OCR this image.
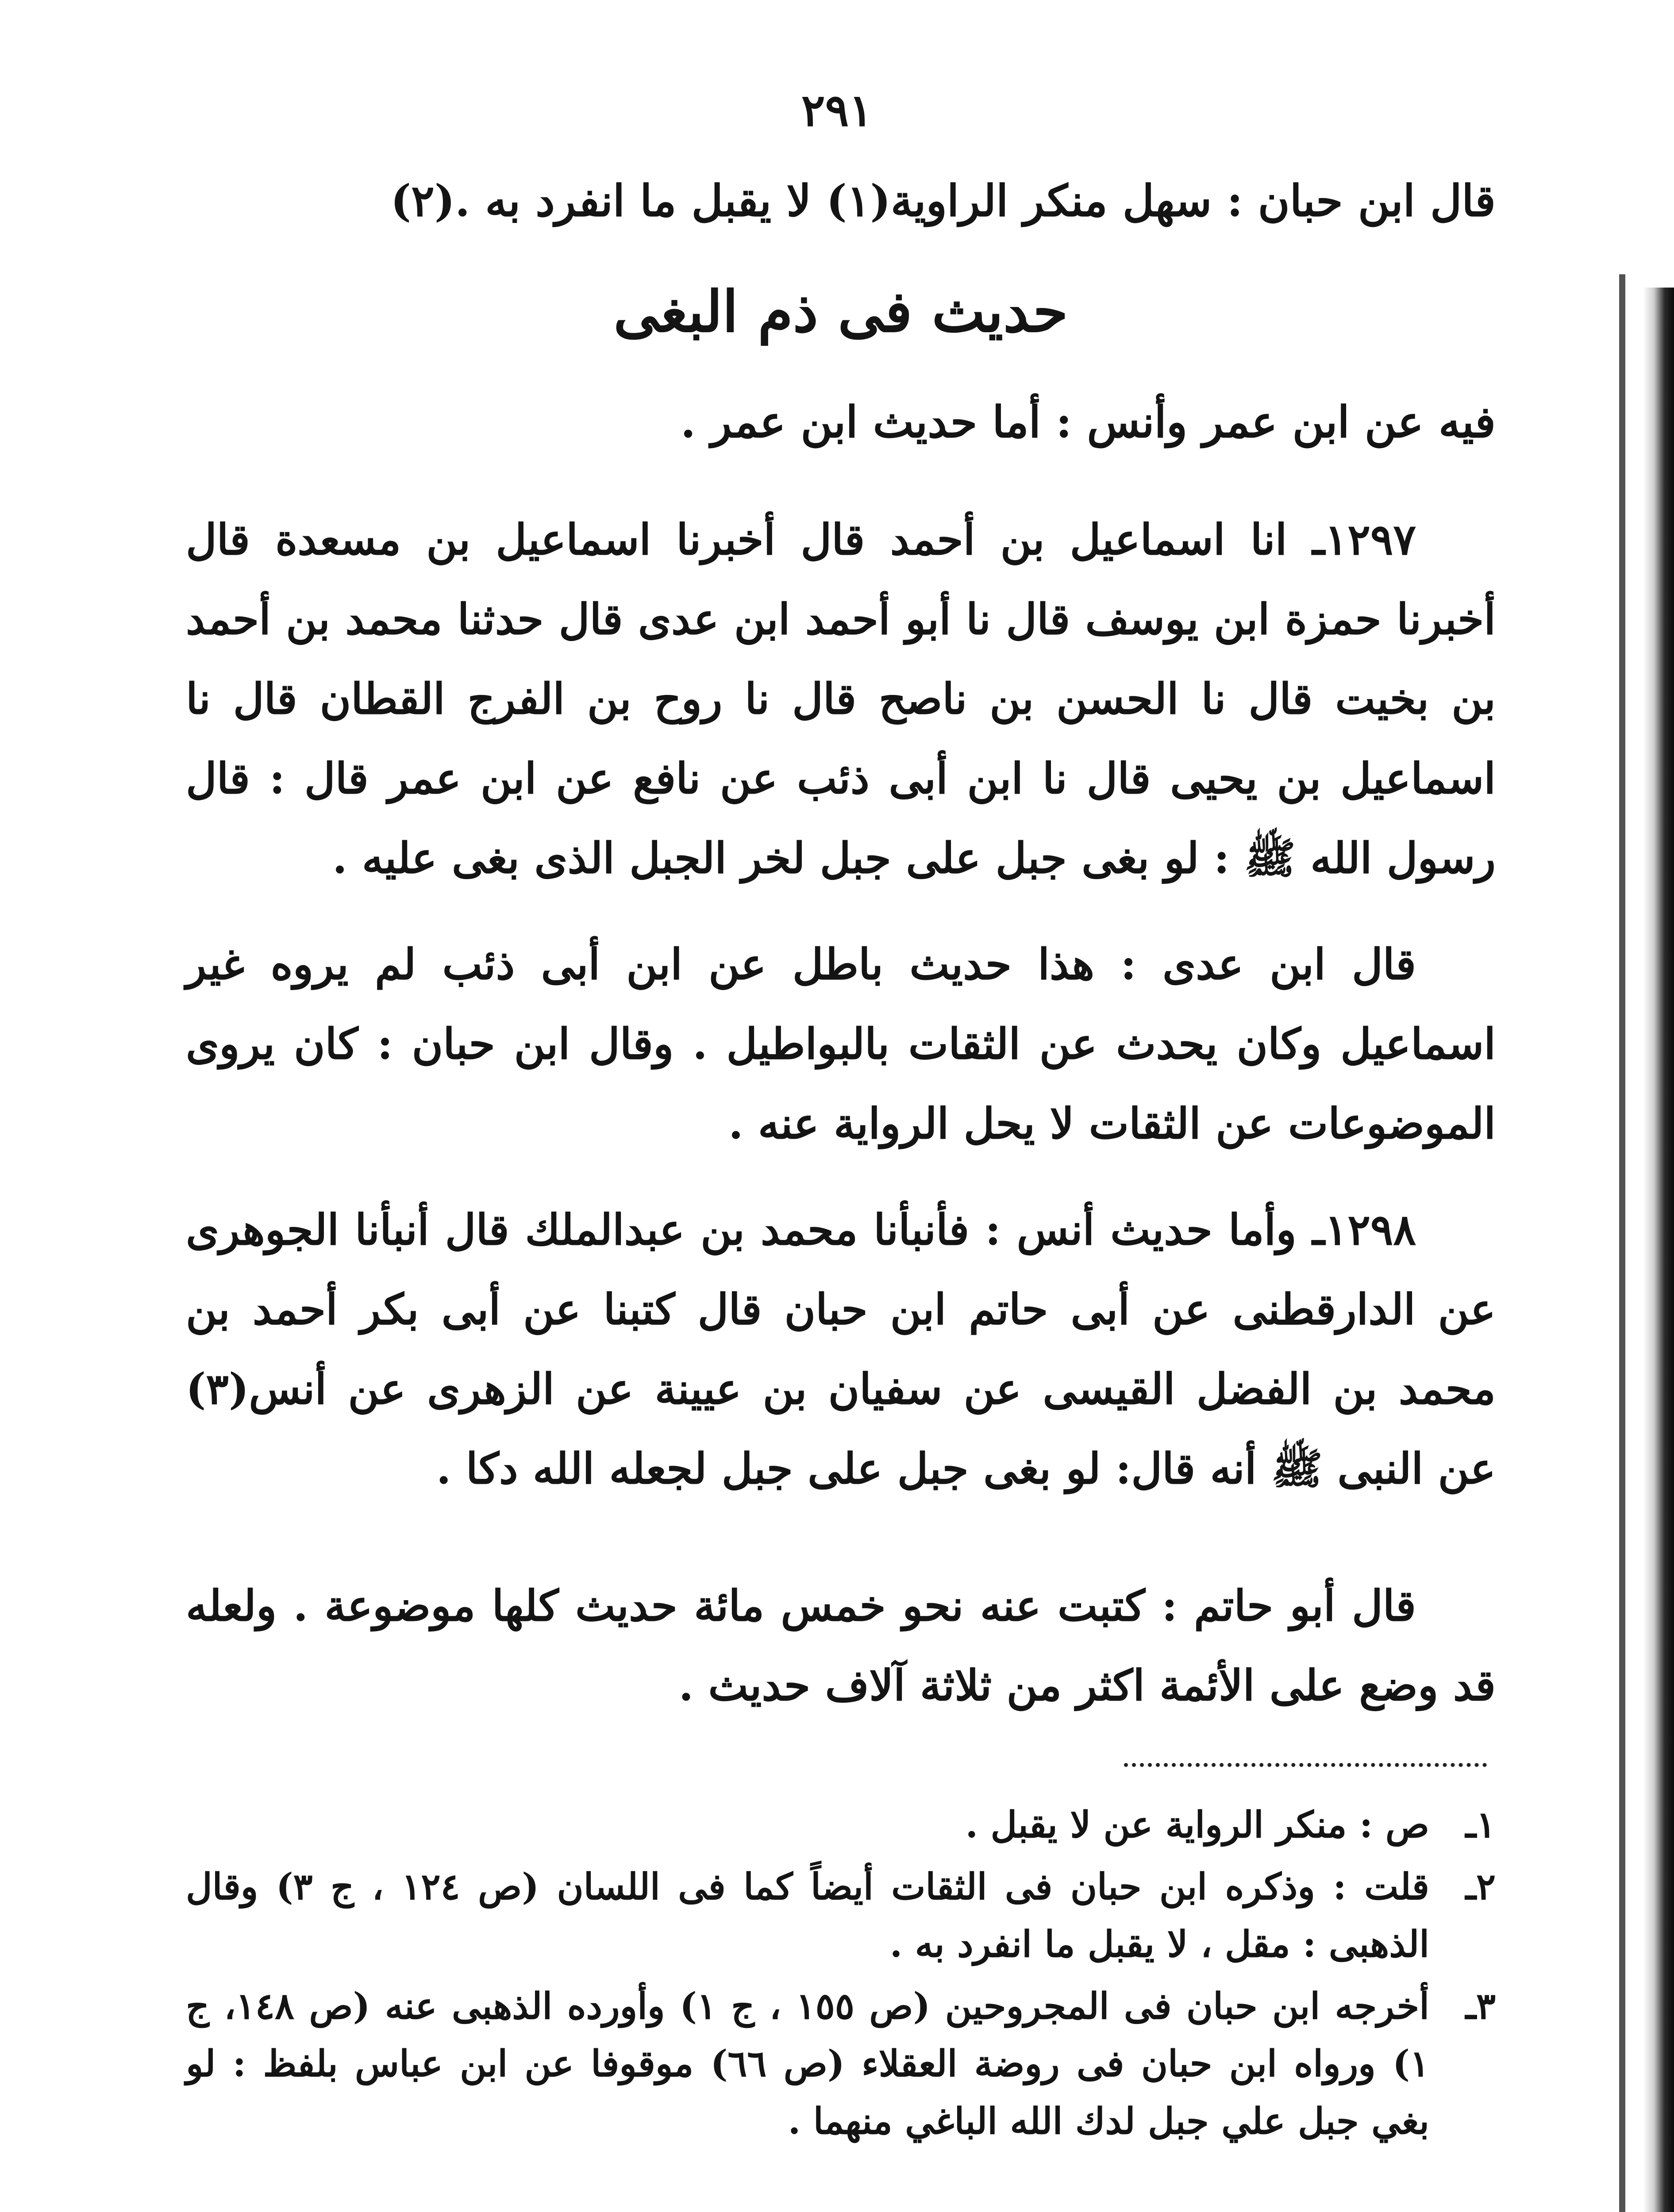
٢٩١
قال ابن حبان : سهل منكر الراوية(١) لا يقبل ما انفرد به .(٢)
حديث فى ذم البغى
فيه عن ابن عمر وأنس : أما حديث ابن عمر .
١٢٩٧ـ انا اسماعيل بن أحمد قال أخبرنا اسماعيل بن مسعدة قال أخبرنا حمزة ابن يوسف قال نا أبو أحمد ابن عدى قال حدثنا محمد بن أحمد بن بخيت قال نا الحسن بن ناصح قال نا روح بن الفرج القطان قال نا اسماعيل بن يحيى قال نا ابن أبى ذئب عن نافع عن ابن عمر قال : قال رسول الله ﷺ : لو بغى جبل على جبل لخر الجبل الذى بغى عليه .
قال ابن عدى : هذا حديث باطل عن ابن أبى ذئب لم يروه غير اسماعيل وكان يحدث عن الثقات بالبواطيل . وقال ابن حبان : كان يروى الموضوعات عن الثقات لا يحل الرواية عنه .
١٢٩٨ـ وأما حديث أنس : فأنبأنا محمد بن عبدالملك قال أنبأنا الجوهرى عن الدارقطنى عن أبى حاتم ابن حبان قال كتبنا عن أبى بكر أحمد بن محمد بن الفضل القيسى عن سفيان بن عيينة عن الزهرى عن أنس(٣) عن النبى ﷺ أنه قال: لو بغى جبل على جبل لجعله الله دكا .
قال أبو حاتم : كتبت عنه نحو خمس مائة حديث كلها موضوعة . ولعله قد وضع على الأئمة اكثر من ثلاثة آلاف حديث .
١ـ
ص : منكر الرواية عن لا يقبل .
٢ـ
قلت : وذكره ابن حبان فى الثقات أيضاً كما فى اللسان (ص ١٢٤ ، ج ٣) وقال الذهبى : مقل ، لا يقبل ما انفرد به .
٣ـ
أخرجه ابن حبان فى المجروحين (ص ١٥٥ ، ج ١) وأورده الذهبى عنه (ص ١٤٨، ج ١) ورواه ابن حبان فى روضة العقلاء (ص ٦٦) موقوفا عن ابن عباس بلفظ : لو بغي جبل علي جبل لدك الله الباغي منهما .
